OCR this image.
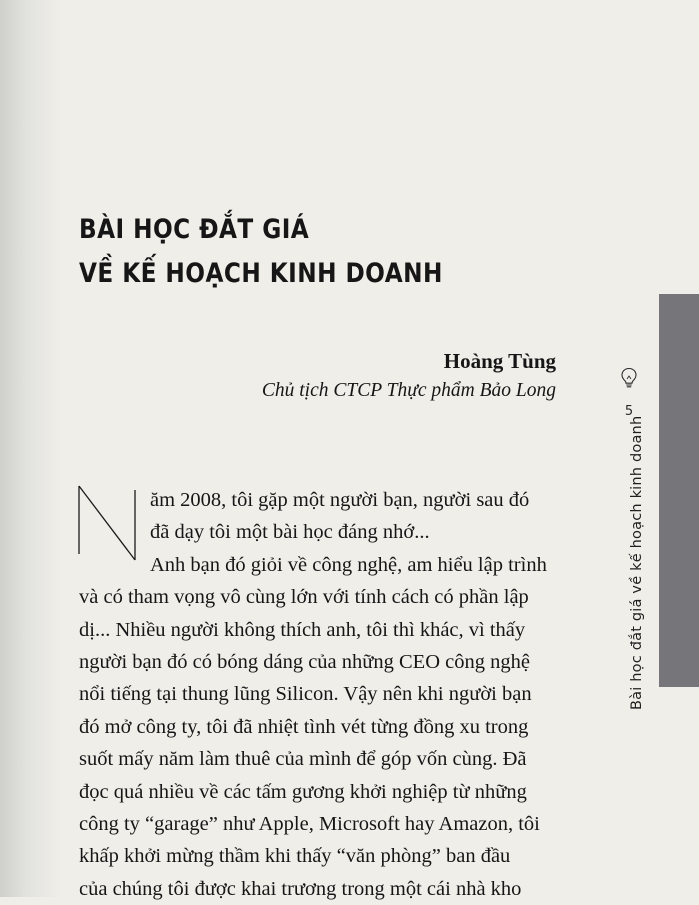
BÀI HỌC ĐẮT GIÁ
VỀ KẾ HOẠCH KINH DOANH
Hoàng Tùng
Chủ tịch CTCP Thực phẩm Bảo Long
N	ăm 2008, tôi gặp một người bạn, người sau đó
đã dạy tôi một bài học đáng nhớ...
Anh bạn đó giỏi về công nghệ, am hiểu lập trình
và có tham vọng vô cùng lớn với tính cách có phần lập
dị... Nhiều người không thích anh, tôi thì khác, vì thấy
người bạn đó có bóng dáng của những CEO công nghệ
nổi tiếng tại thung lũng Silicon. Vậy nên khi người bạn
đó mở công ty, tôi đã nhiệt tình vét từng đồng xu trong
suốt mấy năm làm thuê của mình để góp vốn cùng. Đã
đọc quá nhiều về các tấm gương khởi nghiệp từ những
công ty “garage” như Apple, Microsoft hay Amazon, tôi
khấp khởi mừng thầm khi thấy “văn phòng” ban đầu
của chúng tôi được khai trương trong một cái nhà kho
5
Bài học đắt giá về kế hoạch kinh doanh
